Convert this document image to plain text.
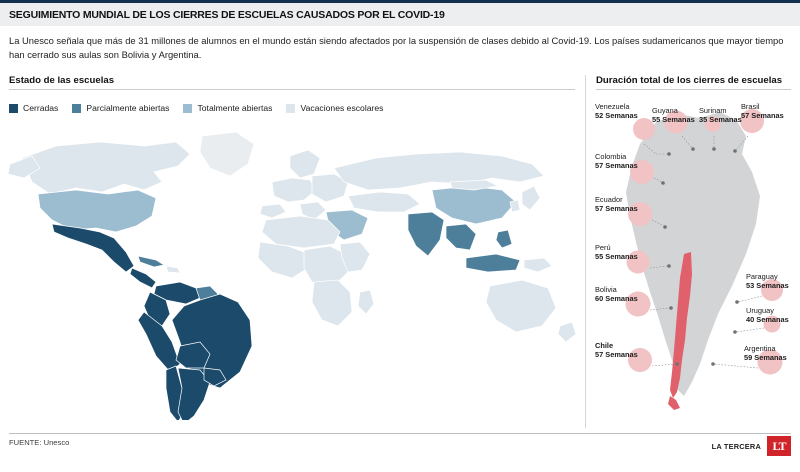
SEGUIMIENTO MUNDIAL DE LOS CIERRES DE ESCUELAS CAUSADOS POR EL COVID-19
La Unesco señala que más de 31 millones de alumnos en el mundo están siendo afectados por la suspensión de clases debido al Covid-19. Los países sudamericanos que mayor tiempo han cerrado sus aulas son Bolivia y Argentina.
Estado de las escuelas	Duración total de los cierres de escuelas
Cerradas	Parcialmente abiertas	Totalmente abiertas	Vacaciones escolares	Venezuela
52 Semanas
Guyana
55 Semanas
Surinam
35 Semanas
Brasil
57 Semanas
Colombia
57 Semanas
Ecuador
57 Semanas
Perú
55 Semanas
Bolivia
60 Semanas
Chile
57 Semanas
Paraguay
53 Semanas
Uruguay
40 Semanas
Argentina
59 Semanas
FUENTE: Unesco	LA TERCERA LT
